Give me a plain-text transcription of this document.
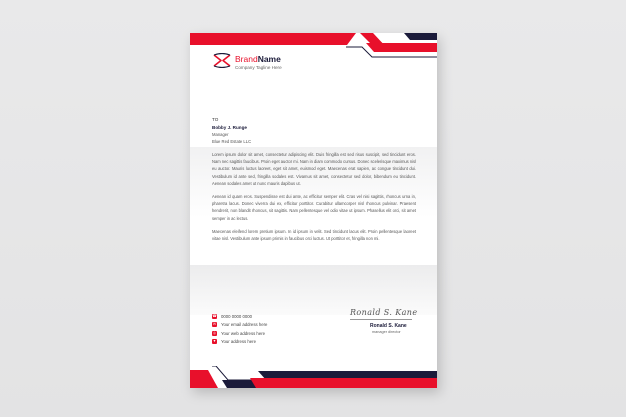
BrandName
Company Tagline Here
TO
Bobby J. Runge
Manager
Blue Red Estate LLC

Lorem ipsum dolor sit amet, consectetur adipiscing elit. Duis fringilla est sed risus suscipit, sed tincidunt eros. Nam nec sagittis faucibus. Proin eget auctor mi. Nam in diam commodo cursus. Donec scelerisque maximus nisl eu auctor. Mauris luctus laoreet, eget sit amet, euismod eget. Maecenas erat sapien, ac congue tincidunt dui. Vestibulum id ante sed, fringilla sodales est. Vivamus sit amet, consectetur sed dolor, bibendum eu tincidunt. Aenean sodales amet ut nunc mauris dapibus ut.

Aenean id quam eros. Suspendisse est dui ante, ac efficitur semper elit. Cras vel nisi sagittis, rhoncus urna in, pharetra lacus. Donec viverra dui ex, efficitur porttitor. Curabitur ullamcorper nisl rhoncus pulvinar. Praesent hendrerit, non blandit rhoncus, sit sagittis. Nam pellentesque vel odio vitae ut ipsum. Phasellus elit orci, sit amet semper in ac lectus.

Maecenas eleifend lorem pretium ipsum. In id ipsum in velit. Sed tincidunt lacus elit. Proin pellentesque laoreet vitae nisl. Vestibulum ante ipsum primis in faucibus orci luctus. Ut porttitor et, fringilla non mi.

☎ 0000 0000 0000
✉ Your email address here
◎ Your web address here
▼ Your address here
Ronald S. Kane
Ronald S. Kane
manager director
